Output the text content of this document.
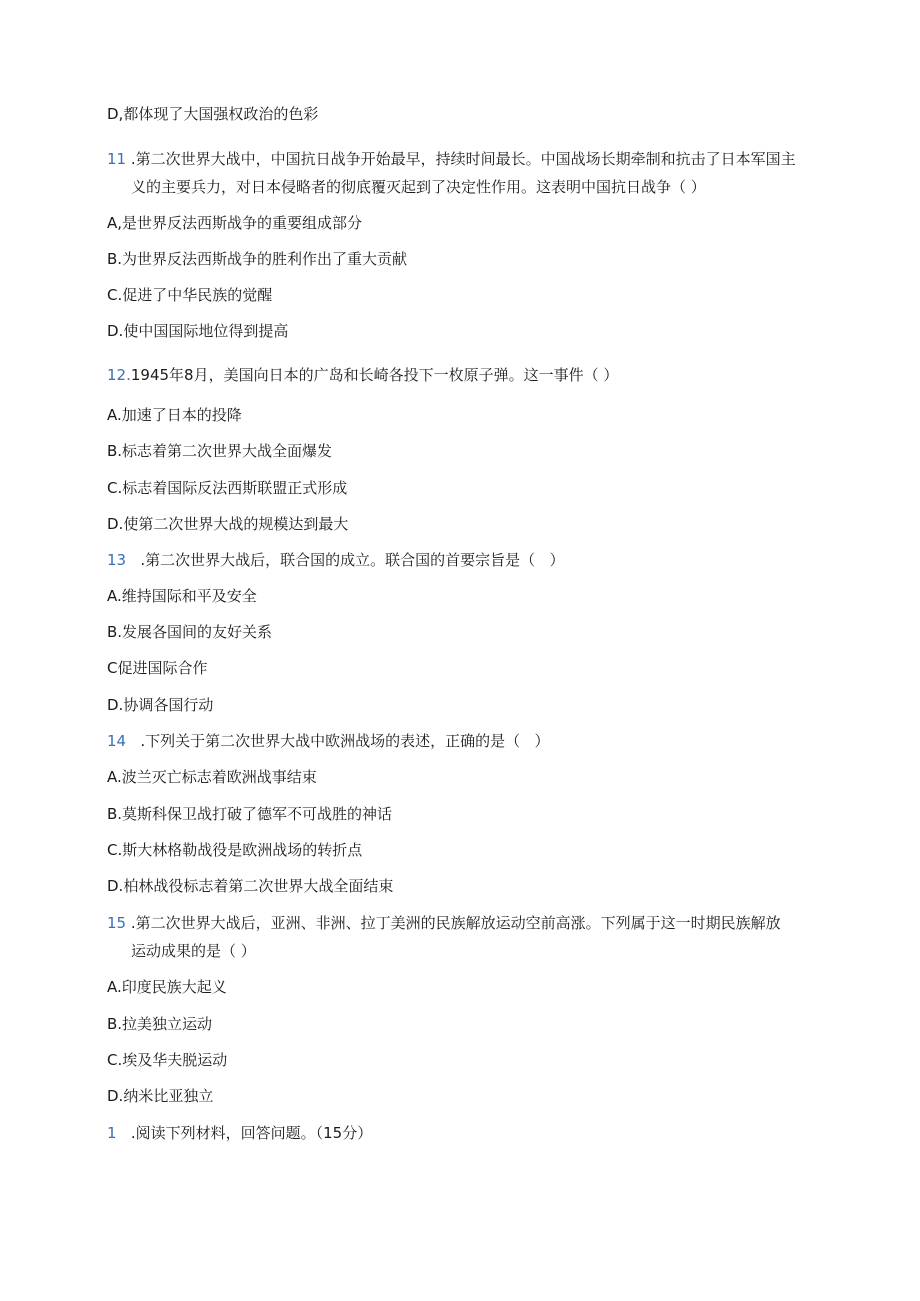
D,都体现了大国强权政治的色彩
11 .第二次世界大战中，中国抗日战争开始最早，持续时间最长。中国战场长期牵制和抗击了日本军国主
义的主要兵力，对日本侵略者的彻底覆灭起到了决定性作用。这表明中国抗日战争（ ）
A,是世界反法西斯战争的重要组成部分
B.为世界反法西斯战争的胜利作出了重大贡献
C.促进了中华民族的觉醒
D.使中国国际地位得到提高
12.1945年8月，美国向日本的广岛和长崎各投下一枚原子弹。这一事件（ ）
A.加速了日本的投降
B.标志着第二次世界大战全面爆发
C.标志着国际反法西斯联盟正式形成
D.使第二次世界大战的规模达到最大
13   .第二次世界大战后，联合国的成立。联合国的首要宗旨是（   ）
A.维持国际和平及安全
B.发展各国间的友好关系
C促进国际合作
D.协调各国行动
14   .下列关于第二次世界大战中欧洲战场的表述，正确的是（   ）
A.波兰灭亡标志着欧洲战事结束
B.莫斯科保卫战打破了德军不可战胜的神话
C.斯大林格勒战役是欧洲战场的转折点
D.柏林战役标志着第二次世界大战全面结束
15 .第二次世界大战后，亚洲、非洲、拉丁美洲的民族解放运动空前高涨。下列属于这一时期民族解放
运动成果的是（ ）
A.印度民族大起义
B.拉美独立运动
C.埃及华夫脱运动
D.纳米比亚独立
1   .阅读下列材料，回答问题。（15分）
